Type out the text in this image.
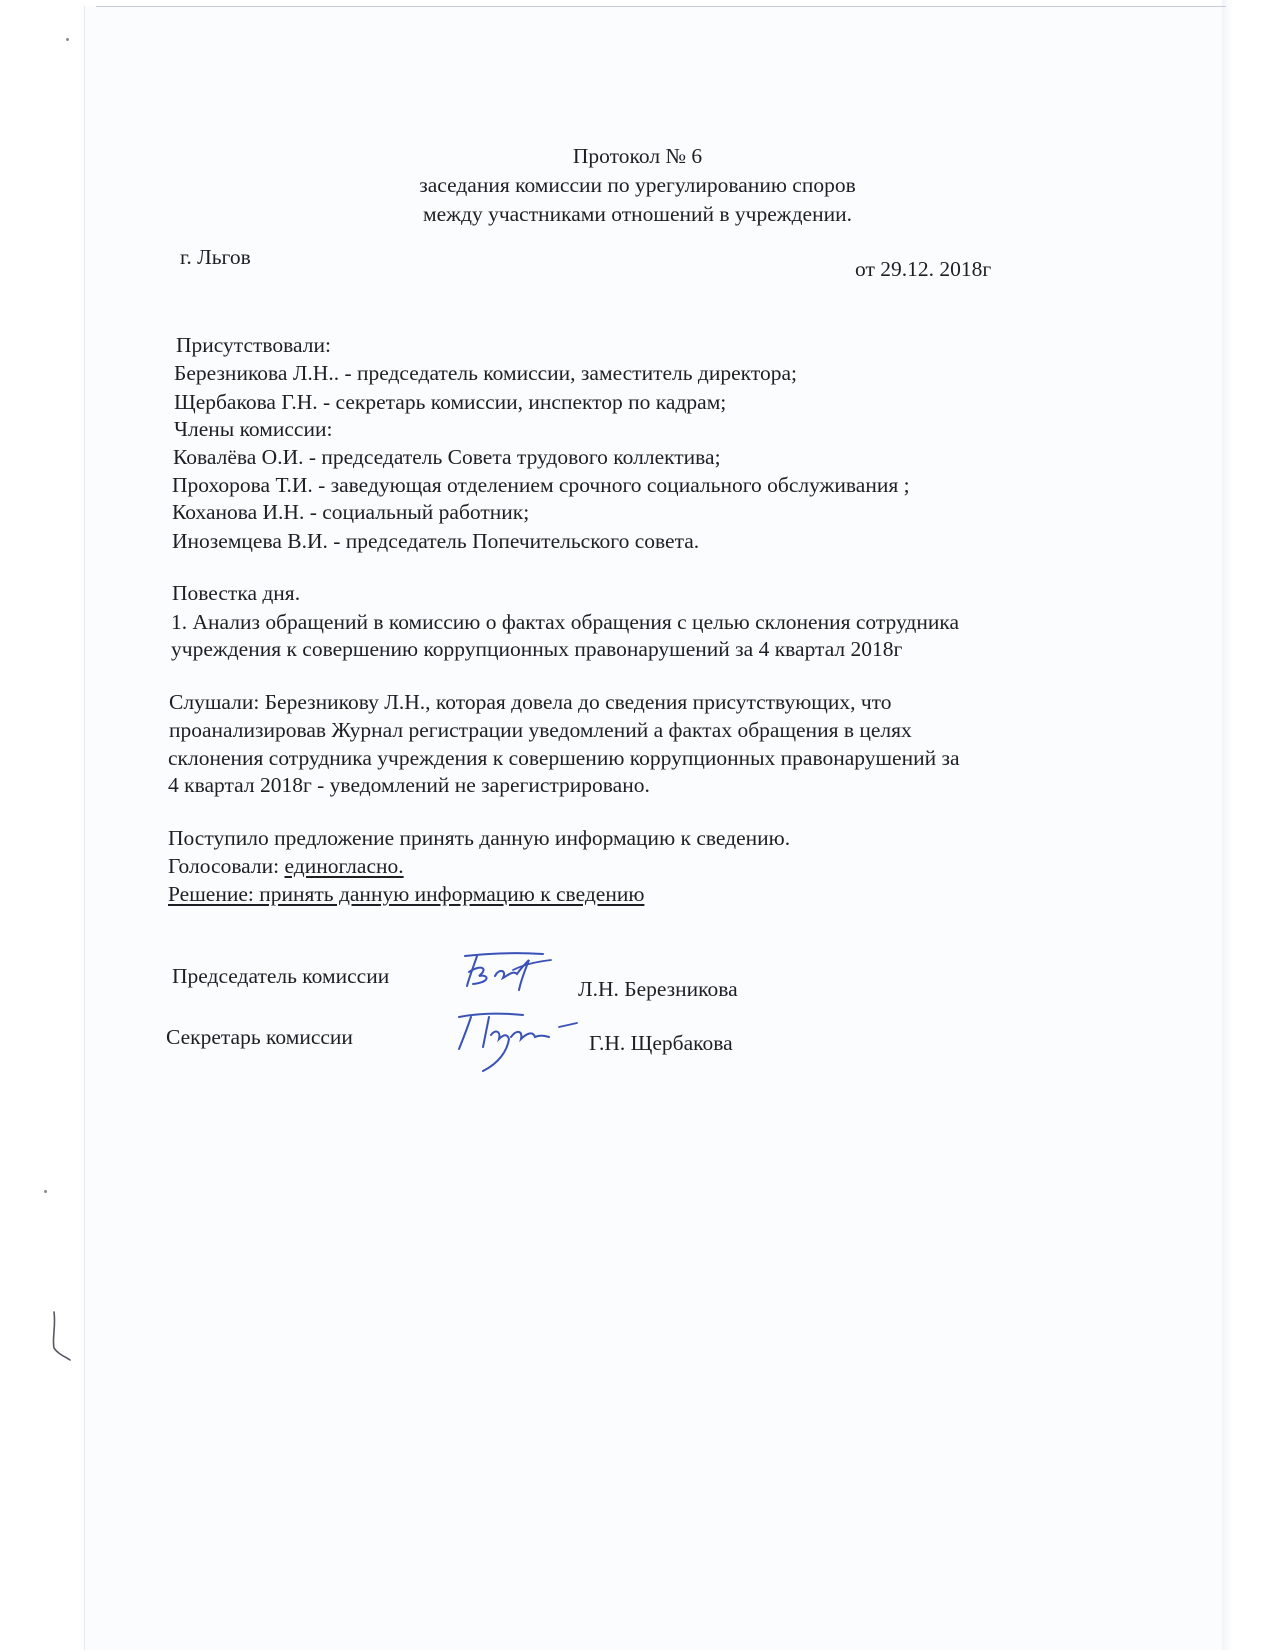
Протокол № 6
заседания комиссии по урегулированию споров
между участниками отношений в учреждении.
г. Льгов	от 29.12. 2018г
Присутствовали:
Березникова Л.Н.. - председатель комиссии, заместитель директора;
Щербакова Г.Н. - секретарь комиссии, инспектор по кадрам;
Члены комиссии:
Ковалёва О.И. - председатель Совета трудового коллектива;
Прохорова Т.И. - заведующая отделением срочного социального обслуживания ;
Коханова И.Н. - социальный работник;
Иноземцева В.И. - председатель Попечительского совета.
Повестка дня.
1. Анализ обращений в комиссию о фактах обращения с целью склонения сотрудника
учреждения к совершению коррупционных правонарушений за 4 квартал 2018г
Слушали: Березникову Л.Н., которая довела до сведения присутствующих, что
проанализировав Журнал регистрации уведомлений а фактах обращения в целях
склонения сотрудника учреждения к совершению коррупционных правонарушений за
4 квартал 2018г - уведомлений не зарегистрировано.
Поступило предложение принять данную информацию к сведению.
Голосовали: единогласно.
Решение: принять данную информацию к сведению
Председатель комиссии
Л.Н. Березникова
Секретарь комиссии	Г.Н. Щербакова
